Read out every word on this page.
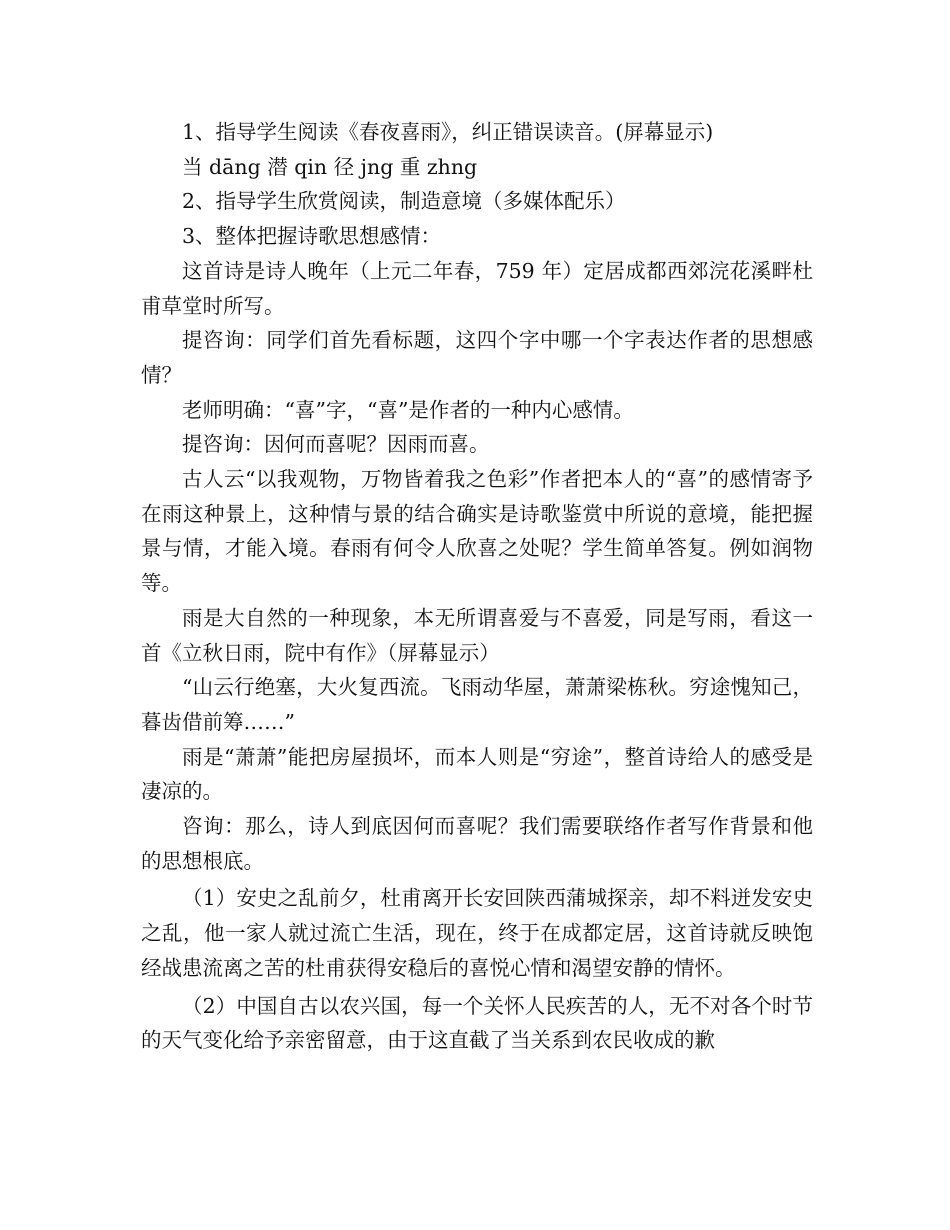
1、指导学生阅读《春夜喜雨》，纠正错误读音。(屏幕显示)

当 dāng 潜 qin 径 jng 重 zhng

2、指导学生欣赏阅读，制造意境（多媒体配乐）

3、整体把握诗歌思想感情：

这首诗是诗人晚年（上元二年春，759 年）定居成都西郊浣花溪畔杜甫草堂时所写。

提咨询：同学们首先看标题，这四个字中哪一个字表达作者的思想感情？

老师明确：“喜”字，“喜”是作者的一种内心感情。

提咨询：因何而喜呢？因雨而喜。

古人云“以我观物，万物皆着我之色彩”作者把本人的“喜”的感情寄予在雨这种景上，这种情与景的结合确实是诗歌鉴赏中所说的意境，能把握景与情，才能入境。春雨有何令人欣喜之处呢？学生简单答复。例如润物等。

雨是大自然的一种现象，本无所谓喜爱与不喜爱，同是写雨，看这一首《立秋日雨，院中有作》（屏幕显示）

“山云行绝塞，大火复西流。飞雨动华屋，萧萧梁栋秋。穷途愧知己，暮齿借前筹……”

雨是“萧萧”能把房屋损坏，而本人则是“穷途”，整首诗给人的感受是凄凉的。

咨询：那么，诗人到底因何而喜呢？我们需要联络作者写作背景和他的思想根底。

（1）安史之乱前夕，杜甫离开长安回陕西蒲城探亲，却不料迸发安史之乱，他一家人就过流亡生活，现在，终于在成都定居，这首诗就反映饱经战患流离之苦的杜甫获得安稳后的喜悦心情和渴望安静的情怀。

（2）中国自古以农兴国，每一个关怀人民疾苦的人，无不对各个时节的天气变化给予亲密留意，由于这直截了当关系到农民收成的歉
